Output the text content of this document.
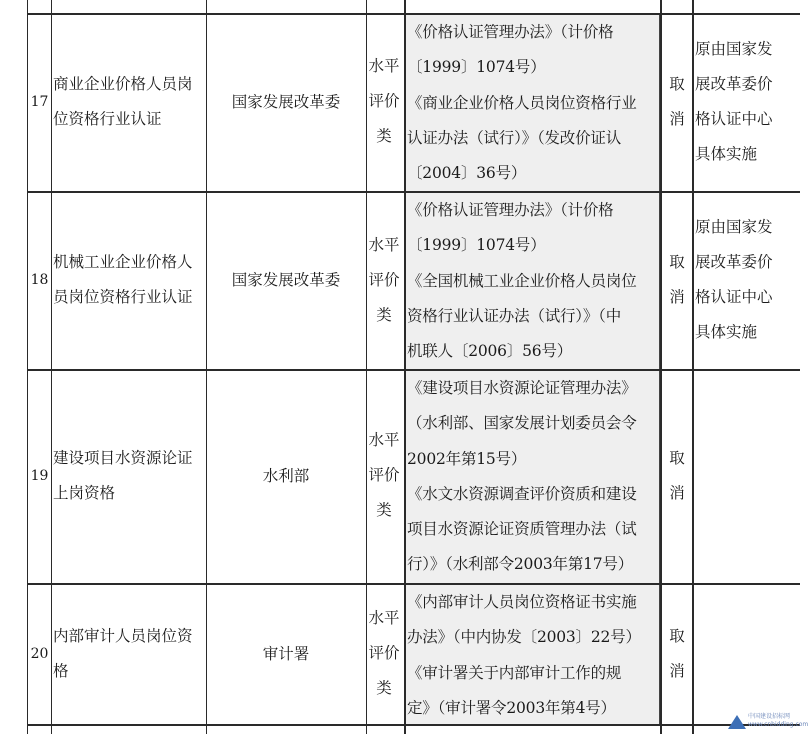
17
商业企业价格人员岗
位资格行业认证
国家发展改革委
水平
评价
类
《价格认证管理办法》（计价格
〔1999〕1074号）
《商业企业价格人员岗位资格行业
认证办法（试行）》（发改价证认
〔2004〕36号）
取
消
原由国家发
展改革委价
格认证中心
具体实施
18
机械工业企业价格人
员岗位资格行业认证
国家发展改革委
水平
评价
类
《价格认证管理办法》（计价格
〔1999〕1074号）
《全国机械工业企业价格人员岗位
资格行业认证办法（试行）》（中
机联人〔2006〕56号）
取
消
原由国家发
展改革委价
格认证中心
具体实施
19
建设项目水资源论证
上岗资格
水利部
水平
评价
类
《建设项目水资源论证管理办法》
（水利部、国家发展计划委员会令
2002年第15号）
《水文水资源调查评价资质和建设
项目水资源论证资质管理办法（试
行）》（水利部令2003年第17号）
取
消
20
内部审计人员岗位资
格
审计署
水平
评价
类
《内部审计人员岗位资格证书实施
办法》（中内协发〔2003〕22号）
《审计署关于内部审计工作的规
定》（审计署令2003年第4号）
取
消
中国建设招标网
www.cnbidding.com
